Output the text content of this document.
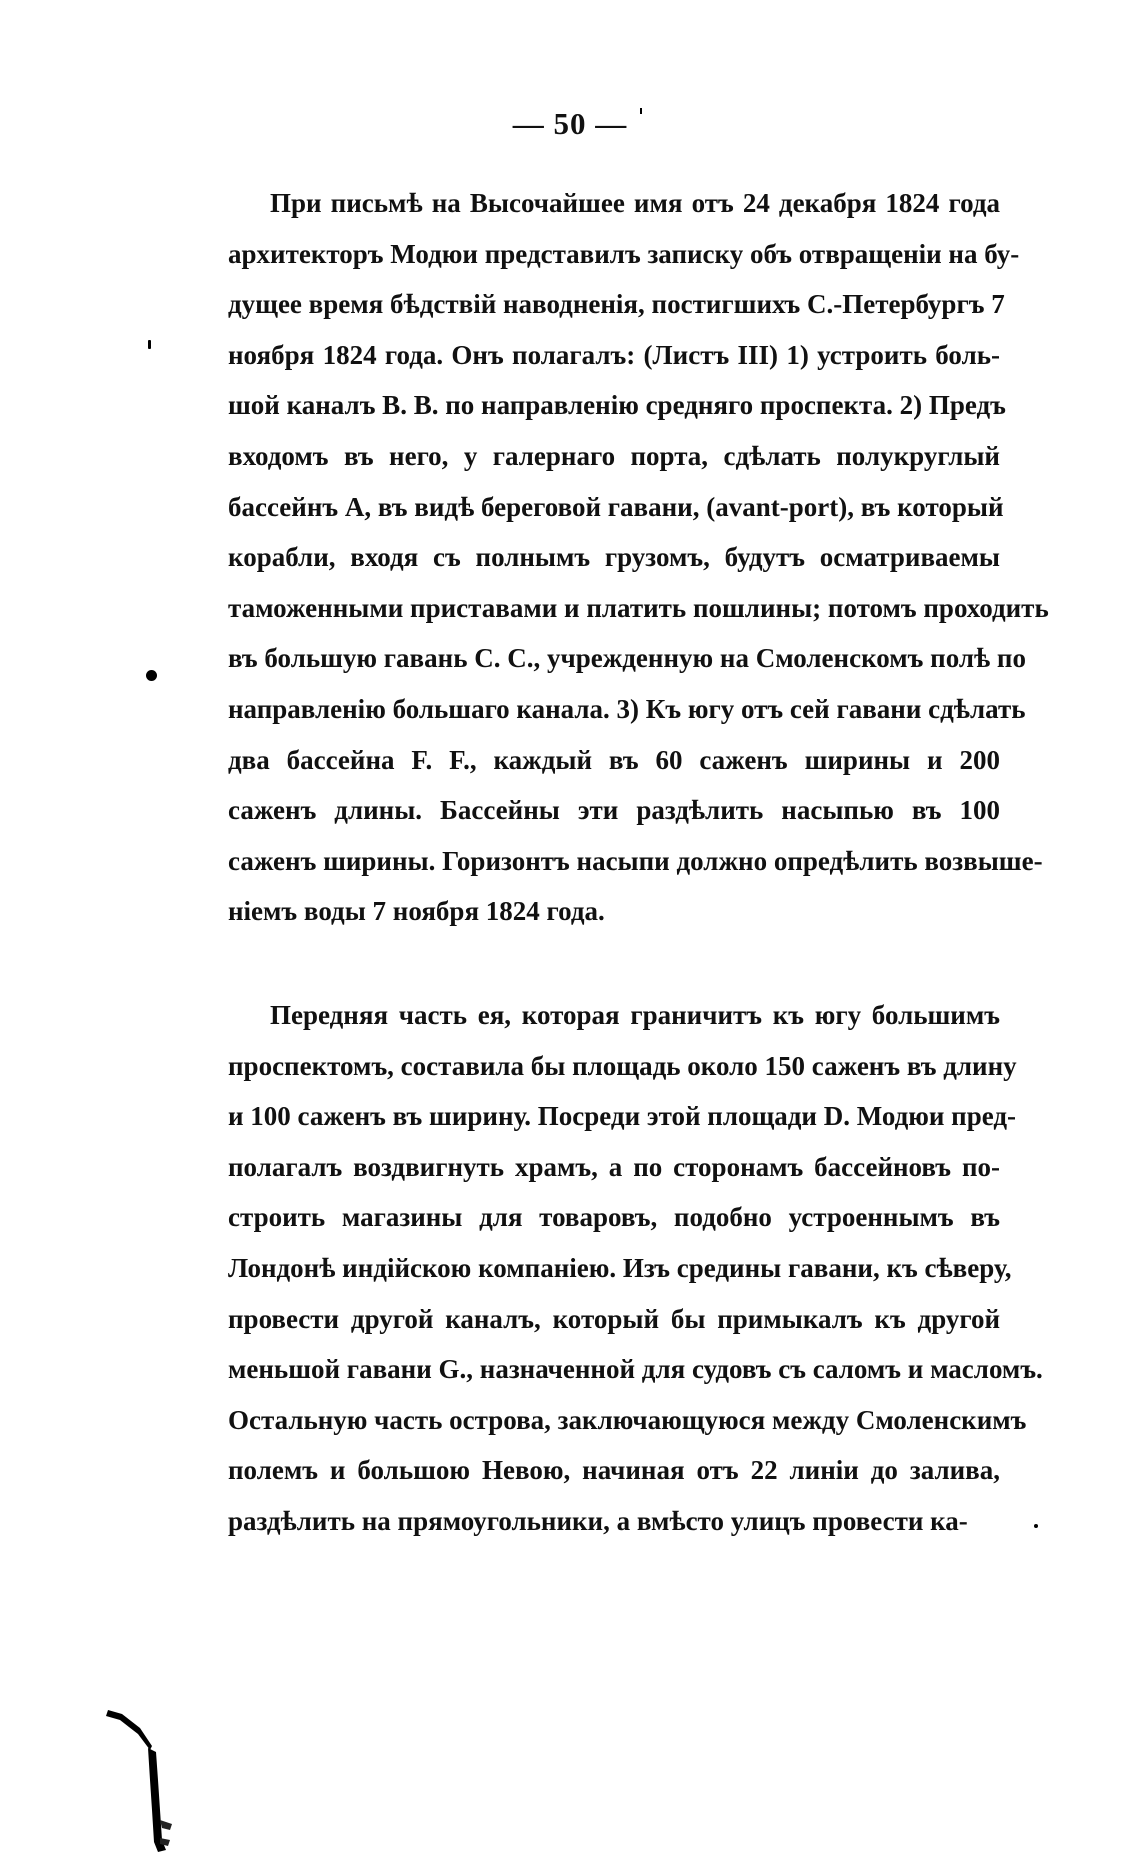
— 50 —
При письмѣ на Высочайшее имя отъ 24 декабря 1824 года
архитекторъ Модюи представилъ записку объ отвращенiи на бу-
дущее время бѣдствiй наводненiя, постигшихъ С.-Петербургъ 7
ноября 1824 года. Онъ полагалъ: (Листъ III) 1) устроить боль-
шой каналъ B. B. по направленiю средняго проспекта. 2) Предъ
входомъ въ него, у галернаго порта, сдѣлать полукруглый
бассейнъ A, въ видѣ береговой гавани, (avant-port), въ который
корабли, входя съ полнымъ грузомъ, будутъ осматриваемы
таможенными приставами и платить пошлины; потомъ проходить
въ большую гавань C. C., учрежденную на Смоленскомъ полѣ по
направленiю большаго канала. 3) Къ югу отъ сей гавани сдѣлать
два бассейна F. F., каждый въ 60 саженъ ширины и 200
саженъ длины. Бассейны эти раздѣлить насыпью въ 100
саженъ ширины. Горизонтъ насыпи должно опредѣлить возвыше-
нiемъ воды 7 ноября 1824 года.
Передняя часть ея, которая граничитъ къ югу большимъ
проспектомъ, составила бы площадь около 150 саженъ въ длину
и 100 саженъ въ ширину. Посреди этой площади D. Модюи пред-
полагалъ воздвигнуть храмъ, а по сторонамъ бассейновъ по-
строить магазины для товаровъ, подобно устроеннымъ въ
Лондонѣ индiйскою компанiею. Изъ средины гавани, къ сѣверу,
провести другой каналъ, который бы примыкалъ къ другой
меньшой гавани G., назначенной для судовъ съ саломъ и масломъ.
Остальную часть острова, заключающуюся между Смоленскимъ
полемъ и большою Невою, начиная отъ 22 линiи до залива,
раздѣлить на прямоугольники, а вмѣсто улицъ провести ка-
